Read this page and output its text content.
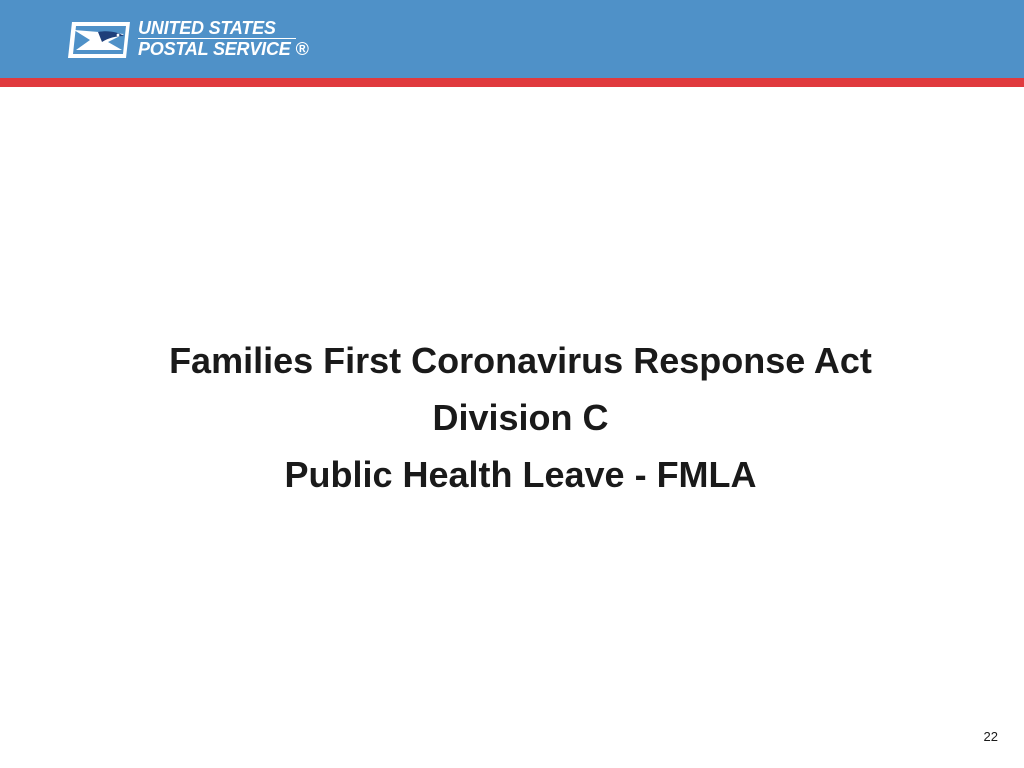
UNITED STATES
POSTAL SERVICE ®
Families First Coronavirus Response Act
Division C
Public Health Leave - FMLA
22
